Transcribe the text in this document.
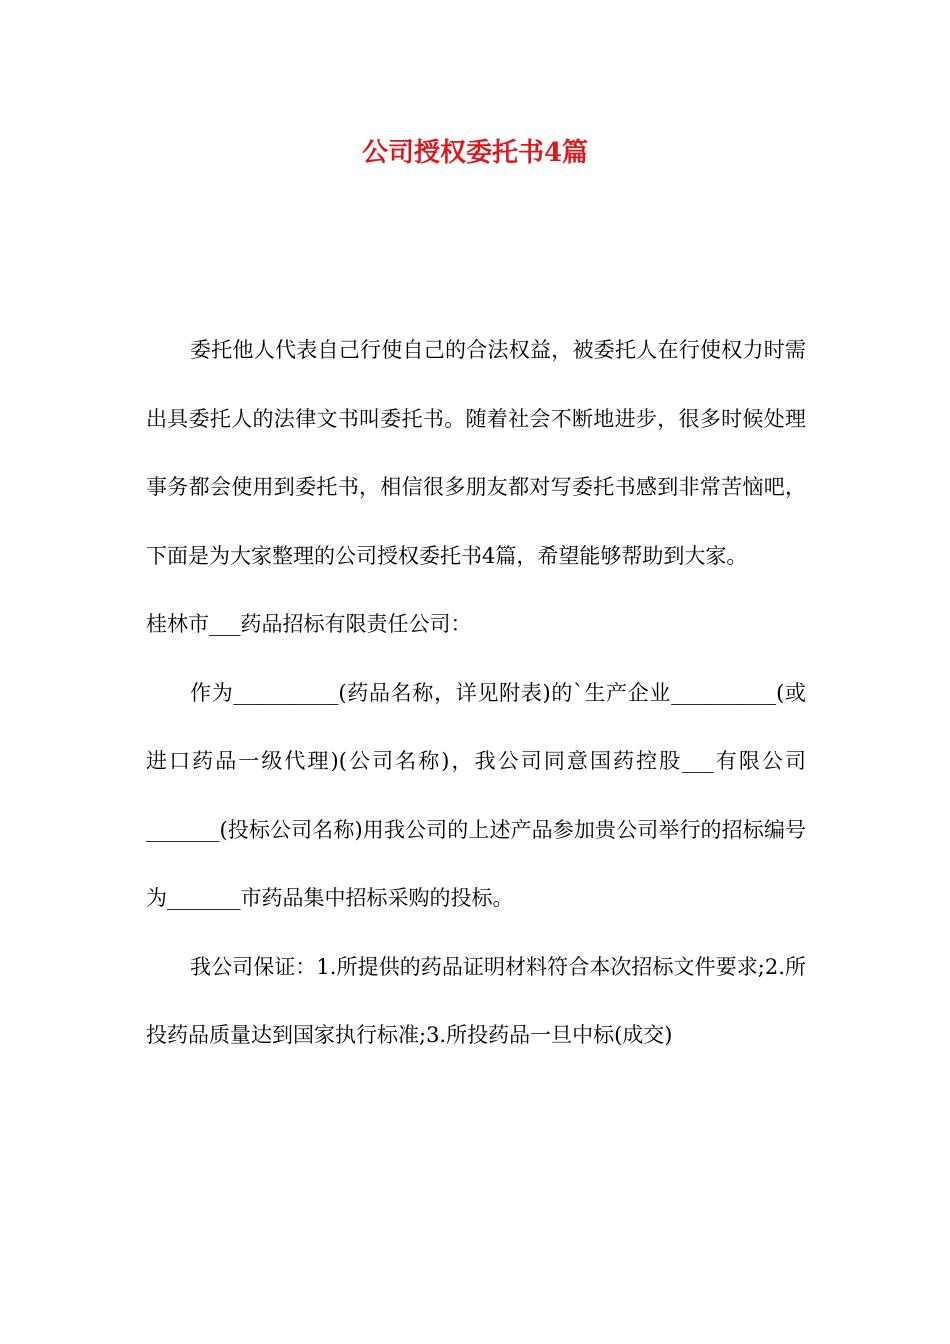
公司授权委托书4篇

委托他人代表自己行使自己的合法权益，被委托人在行使权力时需出具委托人的法律文书叫委托书。随着社会不断地进步，很多时候处理事务都会使用到委托书，相信很多朋友都对写委托书感到非常苦恼吧，下面是为大家整理的公司授权委托书4篇，希望能够帮助到大家。

桂林市___药品招标有限责任公司：

作为__________(药品名称，详见附表)的`生产企业__________(或进口药品一级代理)(公司名称)，我公司同意国药控股___有限公司_______(投标公司名称)用我公司的上述产品参加贵公司举行的招标编号为_______市药品集中招标采购的投标。

我公司保证：1.所提供的药品证明材料符合本次招标文件要求;2.所投药品质量达到国家执行标准;3.所投药品一旦中标(成交)
